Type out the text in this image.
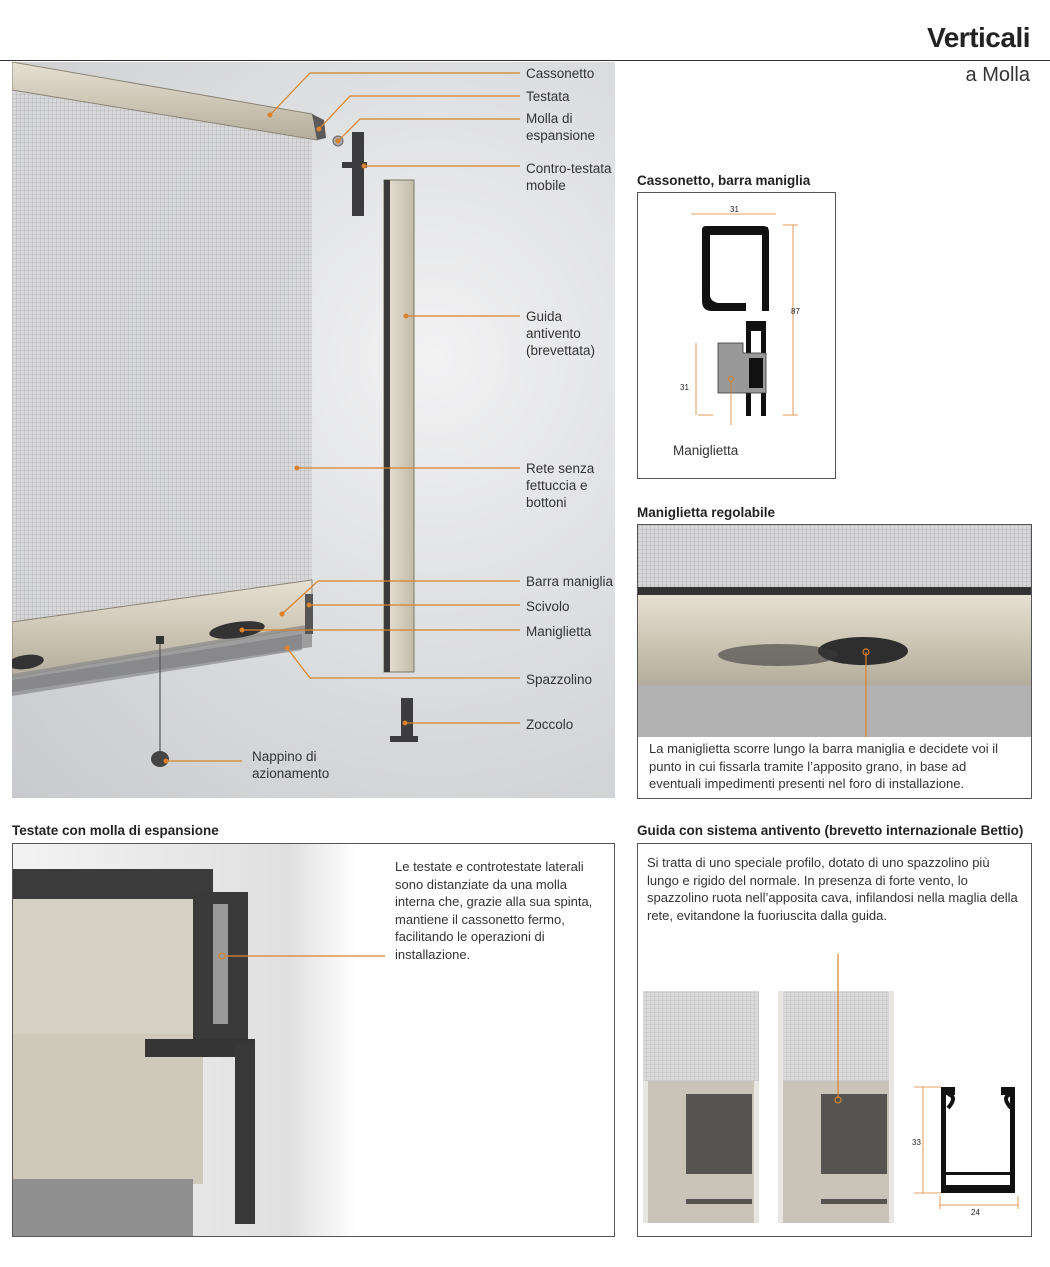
Verticali
a Molla
Cassonetto
Testata
Molla di
espansione
Contro-testata
mobile
Guida
antivento
(brevettata)
Rete senza
fettuccia e
bottoni
Barra maniglia
Scivolo
Maniglietta
Spazzolino
Zoccolo
Nappino di
azionamento
Cassonetto, barra maniglia
31
87
31
Maniglietta
Maniglietta regolabile
La maniglietta scorre lungo la barra maniglia e decidete voi il punto in cui fissarla tramite l’apposito grano, in base ad eventuali impedimenti presenti nel foro di installazione.
Testate con molla di espansione
Le testate e controtestate laterali sono distanziate da una molla interna che, grazie alla sua spinta, mantiene il cassonetto fermo, facilitando le operazioni di installazione.
Guida con sistema antivento (brevetto internazionale Bettio)
Si tratta di uno speciale profilo, dotato di uno spazzolino più lungo e rigido del normale. In presenza di forte vento, lo spazzolino ruota nell’apposita cava, infilandosi nella maglia della rete, evitandone la fuoriuscita dalla guida.
33
24
